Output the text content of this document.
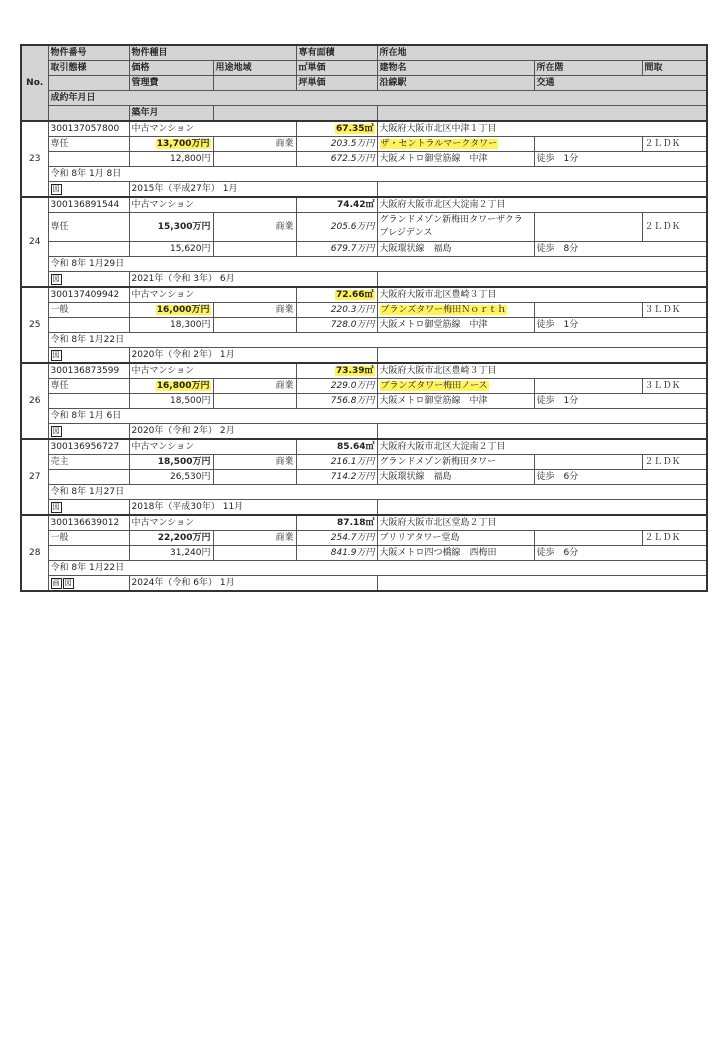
No.	物件番号	物件種目		専有面積	所在地		
	取引態様	価格	用途地域	㎡単価	建物名	所在階	間取
		管理費		坪単価	沿線駅	交通	
	成約年月日						
		築年月					
23	300137057800	中古マンション		67.35㎡	大阪府大阪市北区中津１丁目		
	専任	13,700万円	商業	203.5万円	ザ・セントラルマークタワー		２ＬＤＫ
		12,800円		672.5万円	大阪メトロ御堂筋線　中津	徒歩　1分	
	令和 8年 1月 8日						
	図	2015年（平成27年） 1月					
24	300136891544	中古マンション		74.42㎡	大阪府大阪市北区大淀南２丁目		
	専任	15,300万円	商業	205.6万円	グランドメゾン新梅田タワーザクラブレジデンス		２ＬＤＫ
		15,620円		679.7万円	大阪環状線　福島	徒歩　8分	
	令和 8年 1月29日						
	図	2021年（令和 3年） 6月					
25	300137409942	中古マンション		72.66㎡	大阪府大阪市北区豊崎３丁目		
	一般	16,000万円	商業	220.3万円	ブランズタワー梅田Ｎｏｒｔｈ		３ＬＤＫ
		18,300円		728.0万円	大阪メトロ御堂筋線　中津	徒歩　1分	
	令和 8年 1月22日						
	図	2020年（令和 2年） 1月					
26	300136873599	中古マンション		73.39㎡	大阪府大阪市北区豊崎３丁目		
	専任	16,800万円	商業	229.0万円	ブランズタワー梅田ノース		３ＬＤＫ
		18,500円		756.8万円	大阪メトロ御堂筋線　中津	徒歩　1分	
	令和 8年 1月 6日						
	図	2020年（令和 2年） 2月					
27	300136956727	中古マンション		85.64㎡	大阪府大阪市北区大淀南２丁目		
	売主	18,500万円	商業	216.1万円	グランドメゾン新梅田タワー		２ＬＤＫ
		26,530円		714.2万円	大阪環状線　福島	徒歩　6分	
	令和 8年 1月27日						
	図	2018年（平成30年） 11月					
28	300136639012	中古マンション		87.18㎡	大阪府大阪市北区堂島２丁目		
	一般	22,200万円	商業	254.7万円	ブリリアタワー堂島		２ＬＤＫ
		31,240円		841.9万円	大阪メトロ四つ橋線　西梅田	徒歩　6分	
	令和 8年 1月22日						
	画 図	2024年（令和 6年） 1月					
